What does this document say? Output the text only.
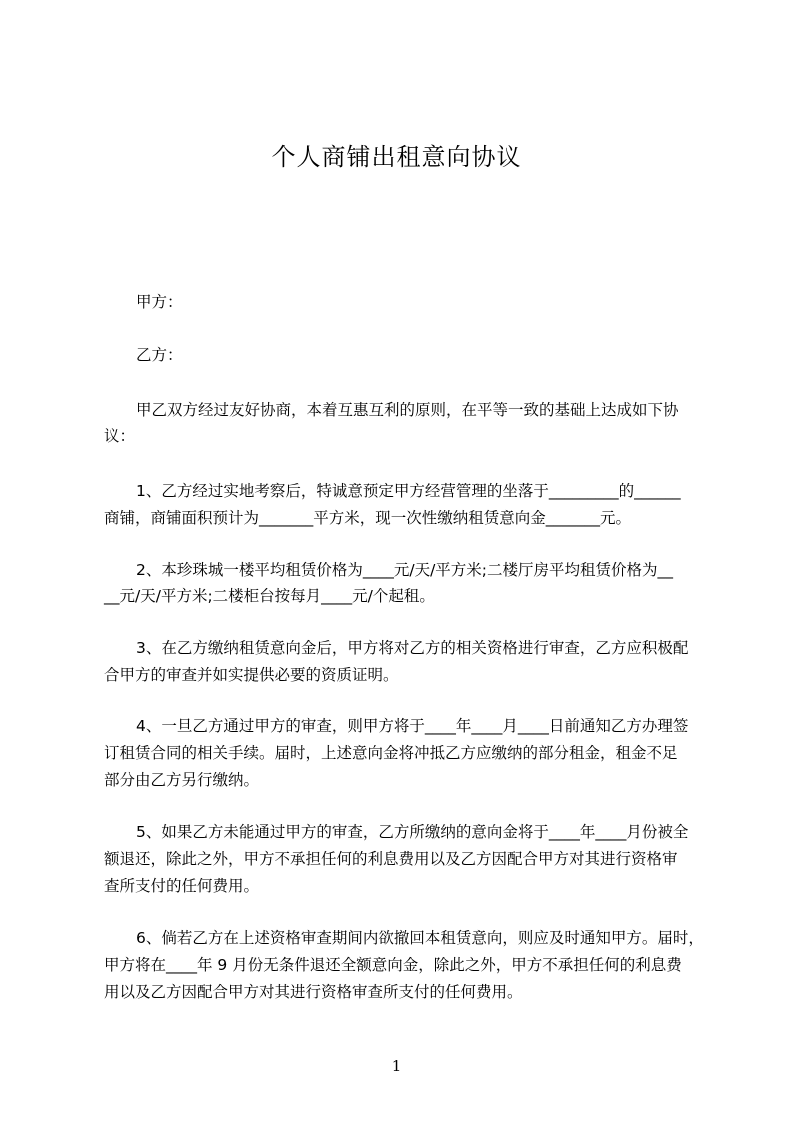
个人商铺出租意向协议
甲方：
乙方：
甲乙双方经过友好协商，本着互惠互利的原则，在平等一致的基础上达成如下协
议：
1、乙方经过实地考察后，特诚意预定甲方经营管理的坐落于_________的______
商铺，商铺面积预计为_______平方米，现一次性缴纳租赁意向金_______元。
2、本珍珠城一楼平均租赁价格为____元/天/平方米;二楼厅房平均租赁价格为__
__元/天/平方米;二楼柜台按每月____元/个起租。
3、在乙方缴纳租赁意向金后，甲方将对乙方的相关资格进行审查，乙方应积极配
合甲方的审查并如实提供必要的资质证明。
4、一旦乙方通过甲方的审查，则甲方将于____年____月____日前通知乙方办理签
订租赁合同的相关手续。届时，上述意向金将冲抵乙方应缴纳的部分租金，租金不足
部分由乙方另行缴纳。
5、如果乙方未能通过甲方的审查，乙方所缴纳的意向金将于____年____月份被全
额退还，除此之外，甲方不承担任何的利息费用以及乙方因配合甲方对其进行资格审
查所支付的任何费用。
6、倘若乙方在上述资格审查期间内欲撤回本租赁意向，则应及时通知甲方。届时，
甲方将在____年 9 月份无条件退还全额意向金，除此之外，甲方不承担任何的利息费
用以及乙方因配合甲方对其进行资格审查所支付的任何费用。
1
